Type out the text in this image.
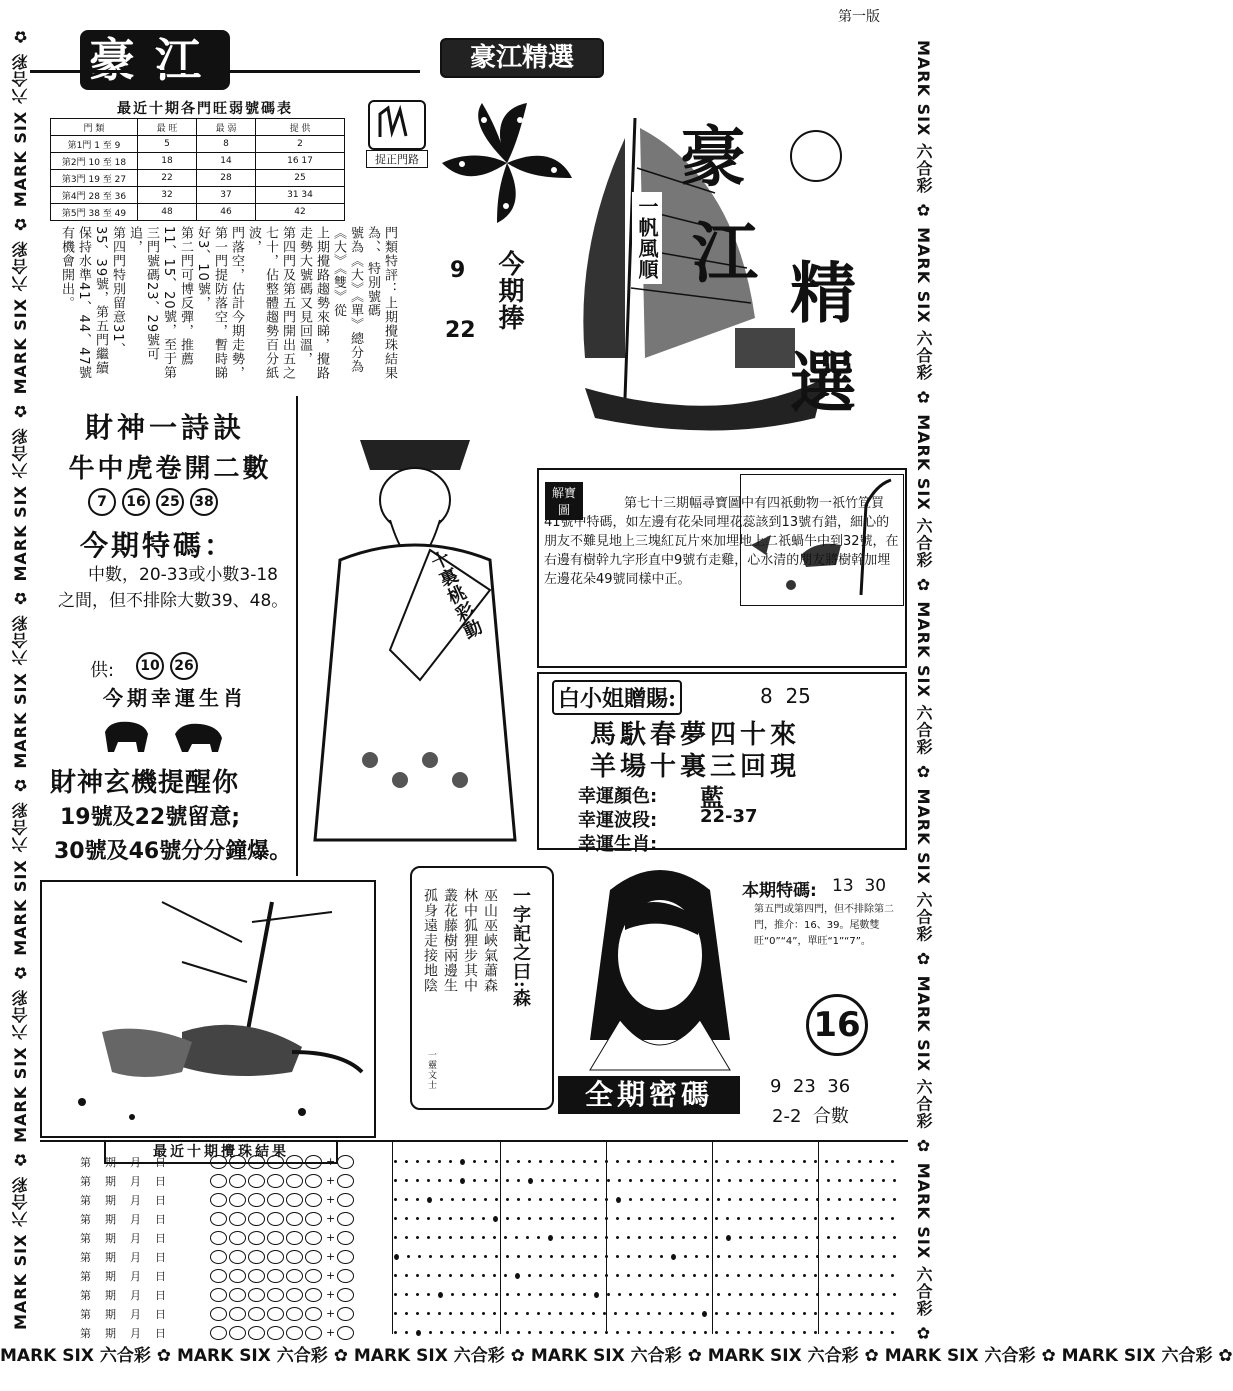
第一版
MARK SIX 六合彩 ✿ MARK SIX 六合彩 ✿ MARK SIX 六合彩 ✿ MARK SIX 六合彩 ✿ MARK SIX 六合彩 ✿ MARK SIX 六合彩 ✿ MARK SIX 六合彩 ✿	MARK SIX 六合彩 ✿ MARK SIX 六合彩 ✿ MARK SIX 六合彩 ✿ MARK SIX 六合彩 ✿ MARK SIX 六合彩 ✿ MARK SIX 六合彩 ✿ MARK SIX 六合彩 ✿
MARK SIX 六合彩 ✿ MARK SIX 六合彩 ✿ MARK SIX 六合彩 ✿ MARK SIX 六合彩 ✿ MARK SIX 六合彩 ✿ MARK SIX 六合彩 ✿ MARK SIX 六合彩 ✿
豪江	豪江精選
最近十期各門旺弱號碼表
門 類	最 旺	最 弱	提 供
第1門 1 至 9	5	8	2
第2門 10 至 18	18	14	16 17
第3門 19 至 27	22	28	25
第4門 28 至 36	32	37	31 34
第5門 38 至 49	48	46	42
門類特評：上期攪珠結果為、、特別號碼
號為《大》《單》總分為《大》《雙》從
上期攪路趨勢來睇，攪路走勢大號碼又見回溫，
第四門及第五門開出五之七十，佔整體趨勢百分紙波，
門落空，估計今期走勢，第一門提防落空，暫時睇好3、10號，
第二門可博反彈，推薦11、15、20號，至于第三門號碼23、29號可追，
第四門特別留意31、35、39號，第五門繼續保持水準41、44、47號有機會開出。
捉正門路
9
22 今期捧
豪
江
精
選
一帆風順
財神一詩訣
牛中虎卷開二數
7 16 25 38
今期特碼：
中數，20-33或小數3-18之間，但不排除大數39、48。
供:	10 26
今期幸運生肖
財神玄機提醒你
19號及22號留意;
30號及46號分分鐘爆。
十裏桃彩動
解寶圖	第七十三期幅尋寶圖中有四祇動物一祇竹笪買41號中特碼，如左邊有花朵同埋花蕊該到13號冇錯，細心的朋友不難見地上三塊紅瓦片來加埋地上二祇蝸牛中到32號，在右邊有樹幹九字形直中9號冇走雞，心水清的朋友將樹幹加埋左邊花朵49號同樣中正。
白小姐贈賜:	8  25
馬馱春夢四十來
羊場十裏三回現
幸運顏色: 藍
幸運波段: 22-37
幸運生肖:
一字記之曰:森
巫山巫峽氣蕭森
林中狐狸步其中
叢花藤樹兩邊生
孤身遠走接地陰
一靈文士
本期特碼: 13  30
第五門或第四門，但不排除第二門，推介：16、39。尾數雙旺“0”“4”，單旺“1”“7”。
16
全期密碼	9  23  36
2-2  合數
最近十期攪珠結果
第    期    月    日	+
第    期    月    日	+
第    期    月    日	+
第    期    月    日	+
第    期    月    日	+
第    期    月    日	+
第    期    月    日	+
第    期    月    日	+
第    期    月    日	+
第    期    月    日	+
